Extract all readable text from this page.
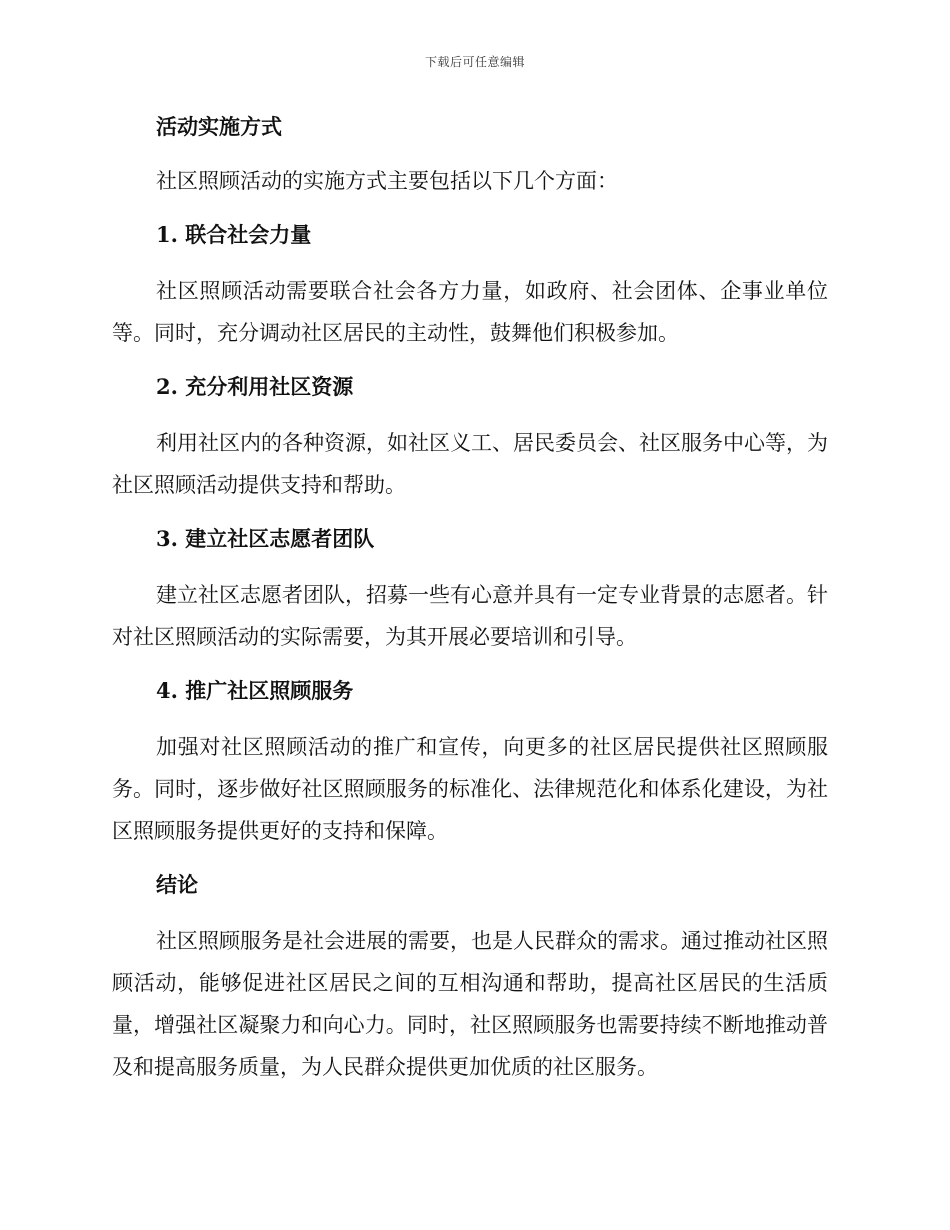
下载后可任意编辑
活动实施方式

社区照顾活动的实施方式主要包括以下几个方面：

1. 联合社会力量

社区照顾活动需要联合社会各方力量，如政府、社会团体、企事业单位等。同时，充分调动社区居民的主动性，鼓舞他们积极参加。

2. 充分利用社区资源

利用社区内的各种资源，如社区义工、居民委员会、社区服务中心等，为社区照顾活动提供支持和帮助。

3. 建立社区志愿者团队

建立社区志愿者团队，招募一些有心意并具有一定专业背景的志愿者。针对社区照顾活动的实际需要，为其开展必要培训和引导。

4. 推广社区照顾服务

加强对社区照顾活动的推广和宣传，向更多的社区居民提供社区照顾服务。同时，逐步做好社区照顾服务的标准化、法律规范化和体系化建设，为社区照顾服务提供更好的支持和保障。

结论

社区照顾服务是社会进展的需要，也是人民群众的需求。通过推动社区照顾活动，能够促进社区居民之间的互相沟通和帮助，提高社区居民的生活质量，增强社区凝聚力和向心力。同时，社区照顾服务也需要持续不断地推动普及和提高服务质量，为人民群众提供更加优质的社区服务。
